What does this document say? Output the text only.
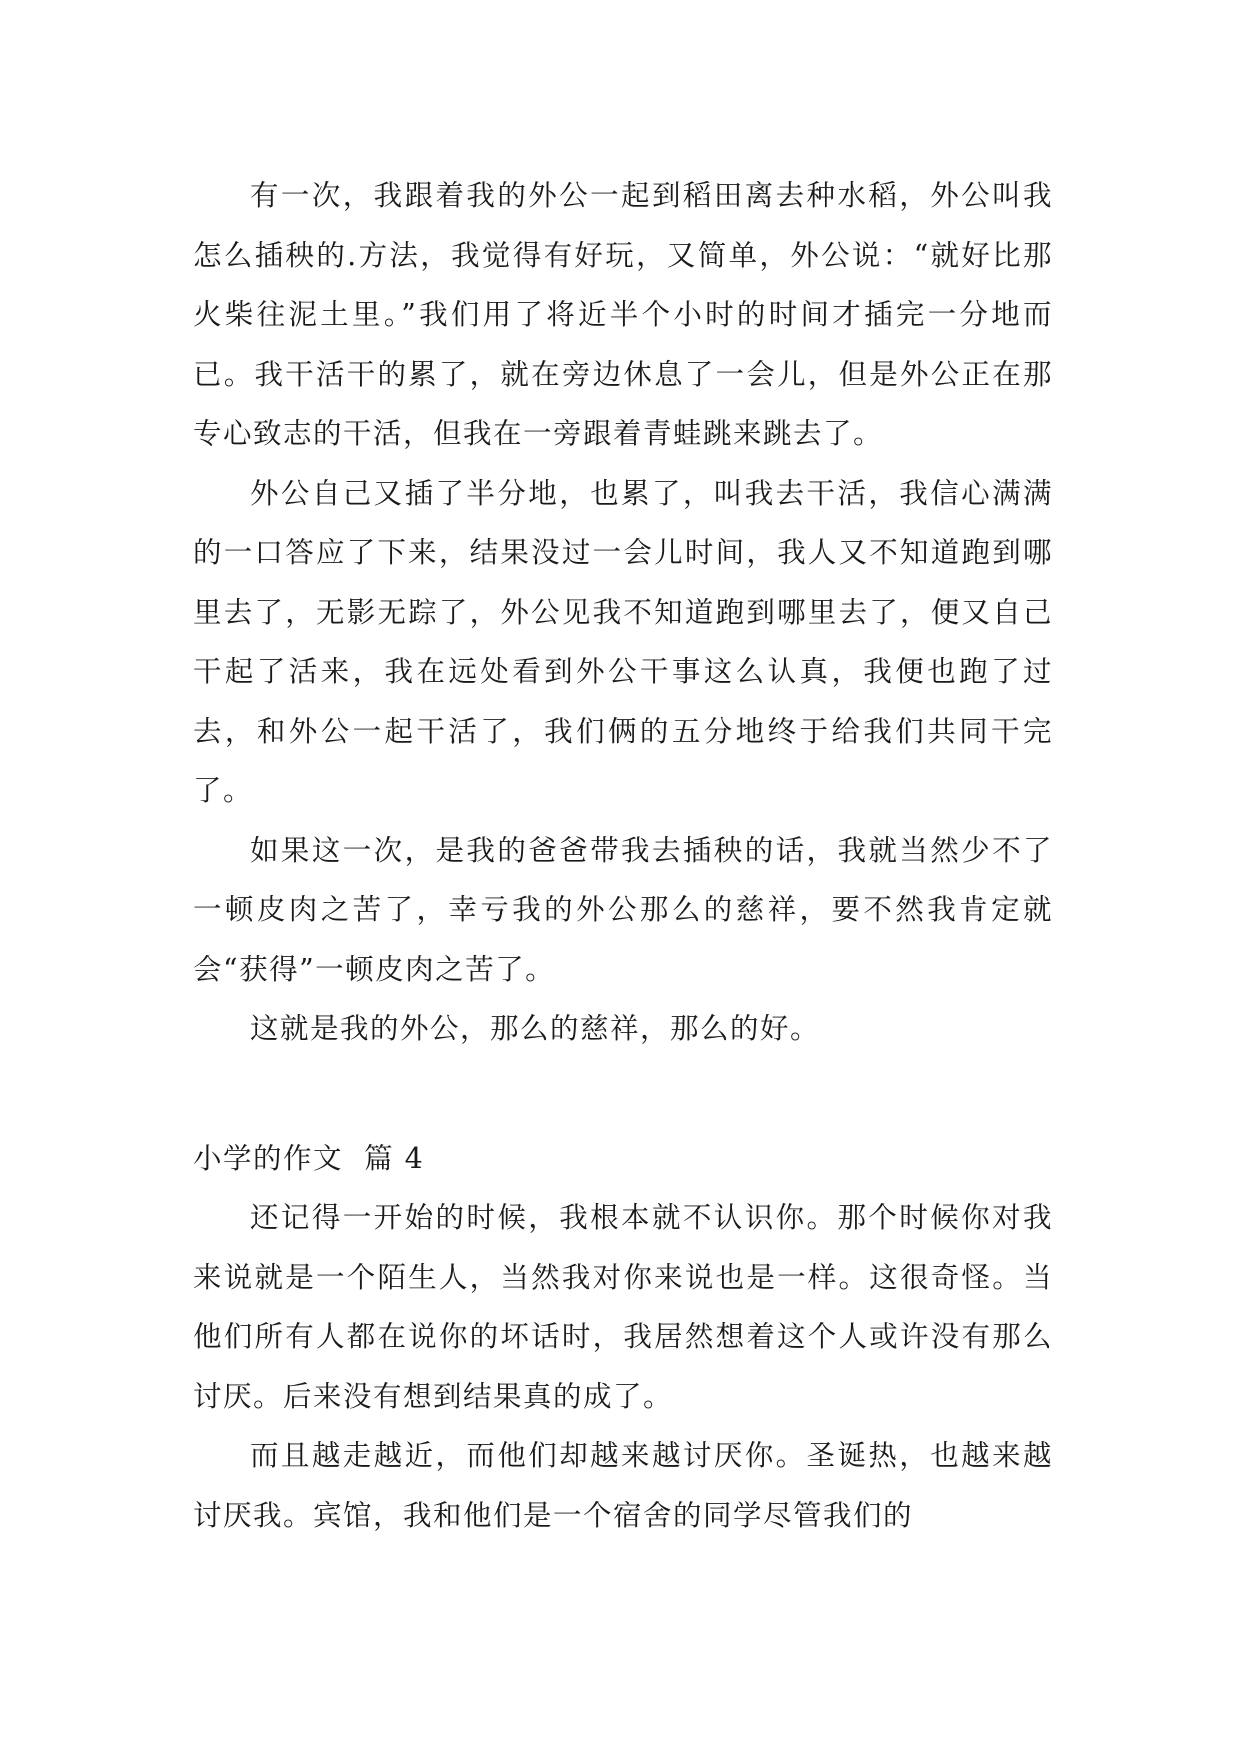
有一次，我跟着我的外公一起到稻田离去种水稻，外公叫我怎么插秧的.方法，我觉得有好玩，又简单，外公说：“就好比那火柴往泥土里。”我们用了将近半个小时的时间才插完一分地而已。我干活干的累了，就在旁边休息了一会儿，但是外公正在那专心致志的干活，但我在一旁跟着青蛙跳来跳去了。

外公自己又插了半分地，也累了，叫我去干活，我信心满满的一口答应了下来，结果没过一会儿时间，我人又不知道跑到哪里去了，无影无踪了，外公见我不知道跑到哪里去了，便又自己干起了活来，我在远处看到外公干事这么认真，我便也跑了过去，和外公一起干活了，我们俩的五分地终于给我们共同干完了。

如果这一次，是我的爸爸带我去插秧的话，我就当然少不了一顿皮肉之苦了，幸亏我的外公那么的慈祥，要不然我肯定就会“获得”一顿皮肉之苦了。

这就是我的外公，那么的慈祥，那么的好。

小学的作文  篇 4

还记得一开始的时候，我根本就不认识你。那个时候你对我来说就是一个陌生人，当然我对你来说也是一样。这很奇怪。当他们所有人都在说你的坏话时，我居然想着这个人或许没有那么讨厌。后来没有想到结果真的成了。

而且越走越近，而他们却越来越讨厌你。圣诞热，也越来越讨厌我。宾馆，我和他们是一个宿舍的同学尽管我们的
